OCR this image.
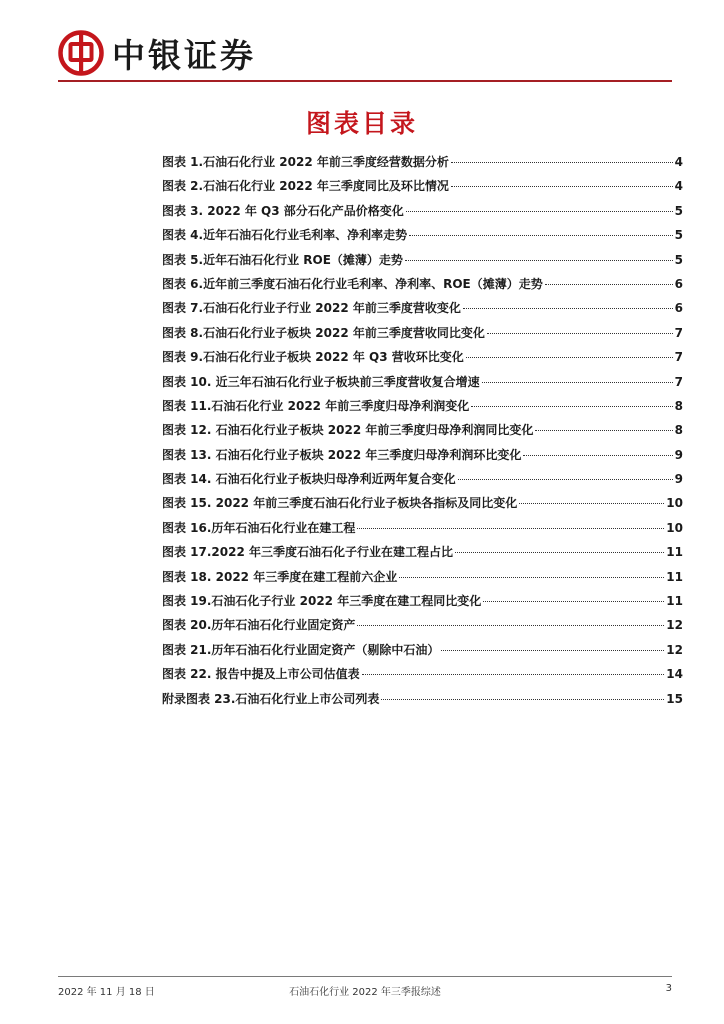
中银证券
图表目录
图表 1.石油石化行业 2022 年前三季度经营数据分析	4
图表 2.石油石化行业 2022 年三季度同比及环比情况	4
图表 3. 2022 年 Q3 部分石化产品价格变化	5
图表 4.近年石油石化行业毛利率、净利率走势	5
图表 5.近年石油石化行业 ROE（摊薄）走势	5
图表 6.近年前三季度石油石化行业毛利率、净利率、ROE（摊薄）走势	6
图表 7.石油石化行业子行业 2022 年前三季度营收变化	6
图表 8.石油石化行业子板块 2022 年前三季度营收同比变化	7
图表 9.石油石化行业子板块 2022 年 Q3 营收环比变化	7
图表 10. 近三年石油石化行业子板块前三季度营收复合增速	7
图表 11.石油石化行业 2022 年前三季度归母净利润变化	8
图表 12. 石油石化行业子板块 2022 年前三季度归母净利润同比变化	8
图表 13. 石油石化行业子板块 2022 年三季度归母净利润环比变化	9
图表 14. 石油石化行业子板块归母净利近两年复合变化	9
图表 15. 2022 年前三季度石油石化行业子板块各指标及同比变化	10
图表 16.历年石油石化行业在建工程	10
图表 17.2022 年三季度石油石化子行业在建工程占比	11
图表 18. 2022 年三季度在建工程前六企业	11
图表 19.石油石化子行业 2022 年三季度在建工程同比变化	11
图表 20.历年石油石化行业固定资产	12
图表 21.历年石油石化行业固定资产（剔除中石油）	12
图表 22. 报告中提及上市公司估值表	14
附录图表 23.石油石化行业上市公司列表	15
2022 年 11 月 18 日	石油石化行业 2022 年三季报综述	3
